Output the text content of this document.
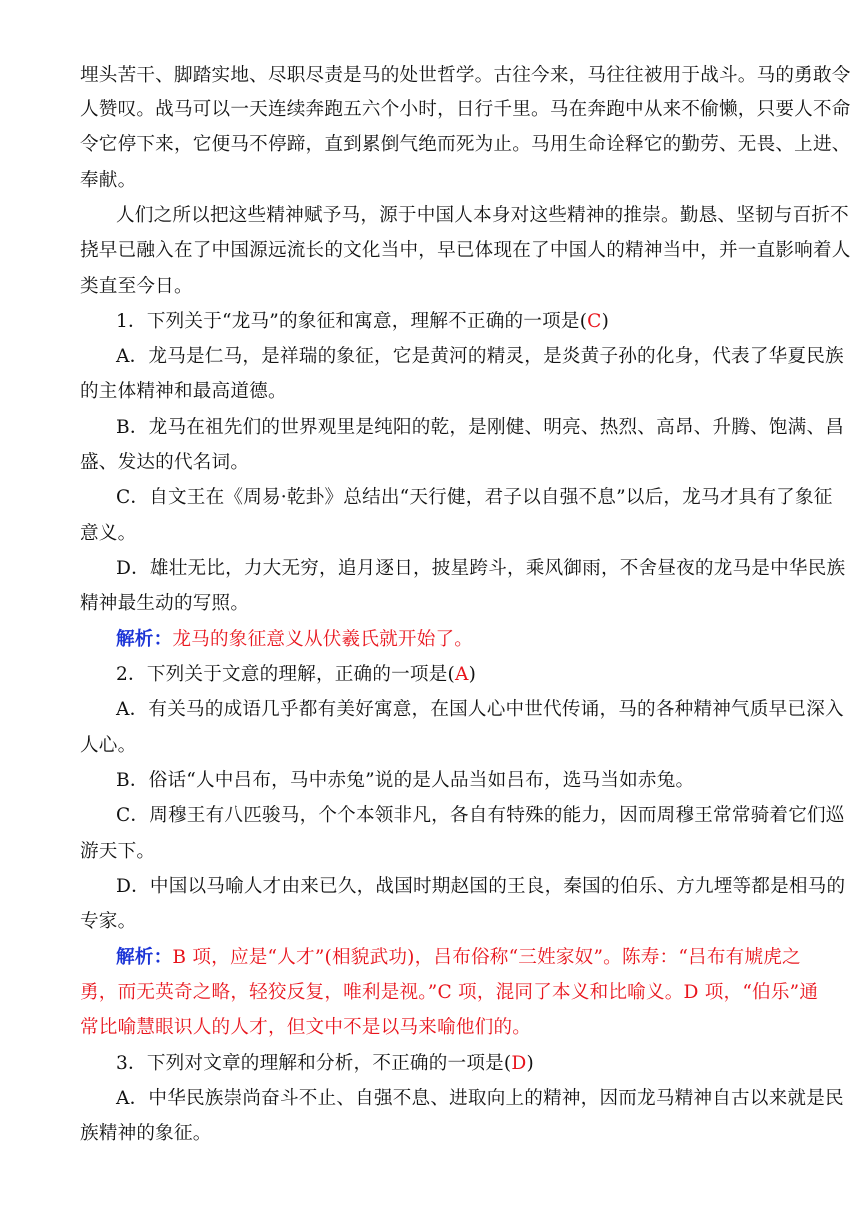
埋头苦干、脚踏实地、尽职尽责是马的处世哲学。古往今来，马往往被用于战斗。马的勇敢令
人赞叹。战马可以一天连续奔跑五六个小时，日行千里。马在奔跑中从来不偷懒，只要人不命
令它停下来，它便马不停蹄，直到累倒气绝而死为止。马用生命诠释它的勤劳、无畏、上进、
奉献。
人们之所以把这些精神赋予马，源于中国人本身对这些精神的推崇。勤恳、坚韧与百折不
挠早已融入在了中国源远流长的文化当中，早已体现在了中国人的精神当中，并一直影响着人
类直至今日。
1．下列关于“龙马”的象征和寓意，理解不正确的一项是(C)
A．龙马是仁马，是祥瑞的象征，它是黄河的精灵，是炎黄子孙的化身，代表了华夏民族
的主体精神和最高道德。
B．龙马在祖先们的世界观里是纯阳的乾，是刚健、明亮、热烈、高昂、升腾、饱满、昌
盛、发达的代名词。
C．自文王在《周易·乾卦》总结出“天行健，君子以自强不息”以后，龙马才具有了象征
意义。
D．雄壮无比，力大无穷，追月逐日，披星跨斗，乘风御雨，不舍昼夜的龙马是中华民族
精神最生动的写照。
解析：龙马的象征意义从伏羲氏就开始了。
2．下列关于文意的理解，正确的一项是(A)
A．有关马的成语几乎都有美好寓意，在国人心中世代传诵，马的各种精神气质早已深入
人心。
B．俗话“人中吕布，马中赤兔”说的是人品当如吕布，选马当如赤兔。
C．周穆王有八匹骏马，个个本领非凡，各自有特殊的能力，因而周穆王常常骑着它们巡
游天下。
D．中国以马喻人才由来已久，战国时期赵国的王良，秦国的伯乐、方九堙等都是相马的
专家。
解析：B 项，应是“人才”(相貌武功)，吕布俗称“三姓家奴”。陈寿：“吕布有虓虎之
勇，而无英奇之略，轻狡反复，唯利是视。”C 项，混同了本义和比喻义。D 项，“伯乐”通
常比喻慧眼识人的人才，但文中不是以马来喻他们的。
3．下列对文章的理解和分析，不正确的一项是(D)
A．中华民族崇尚奋斗不止、自强不息、进取向上的精神，因而龙马精神自古以来就是民
族精神的象征。
